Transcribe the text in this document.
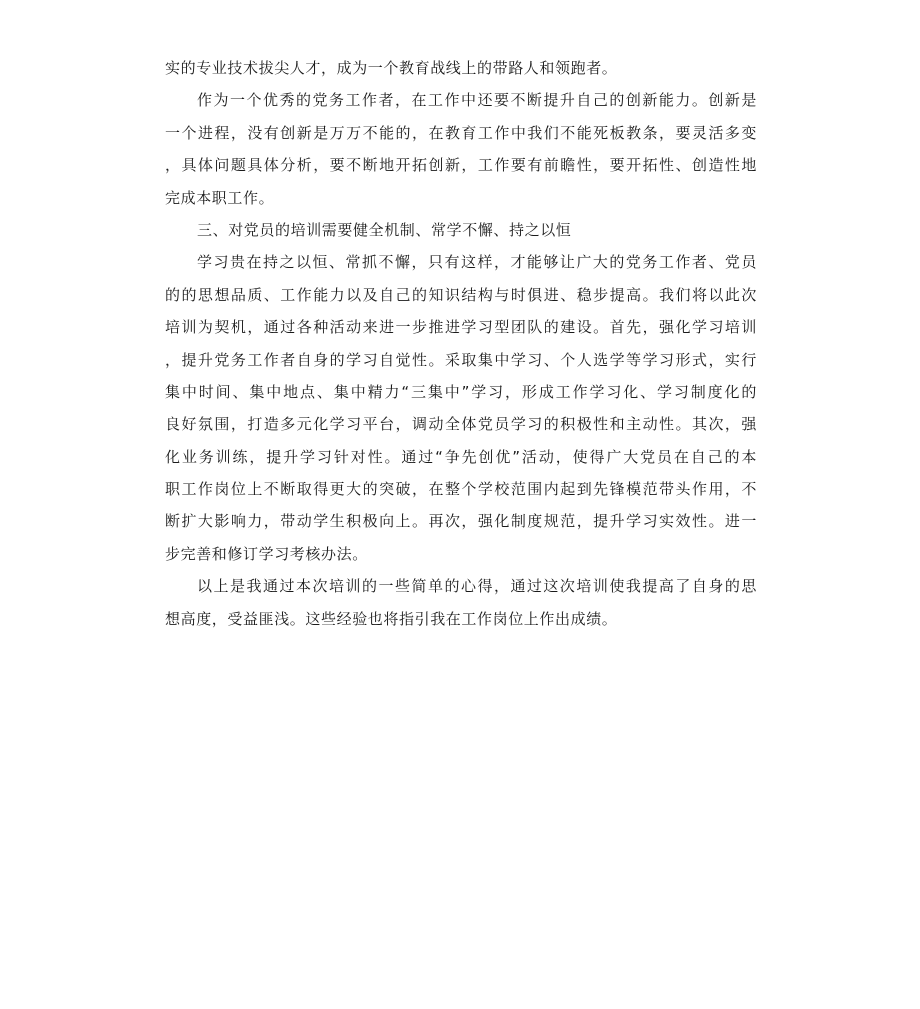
实的专业技术拔尖人才，成为一个教育战线上的带路人和领跑者。
作为一个优秀的党务工作者，在工作中还要不断提升自己的创新能力。创新是
一个进程，没有创新是万万不能的，在教育工作中我们不能死板教条，要灵活多变
，具体问题具体分析，要不断地开拓创新，工作要有前瞻性，要开拓性、创造性地
完成本职工作。
三、对党员的培训需要健全机制、常学不懈、持之以恒
学习贵在持之以恒、常抓不懈，只有这样，才能够让广大的党务工作者、党员
的的思想品质、工作能力以及自己的知识结构与时俱进、稳步提高。我们将以此次
培训为契机，通过各种活动来进一步推进学习型团队的建设。首先，强化学习培训
，提升党务工作者自身的学习自觉性。采取集中学习、个人选学等学习形式，实行
集中时间、集中地点、集中精力“三集中”学习，形成工作学习化、学习制度化的
良好氛围，打造多元化学习平台，调动全体党员学习的积极性和主动性。其次，强
化业务训练，提升学习针对性。通过“争先创优”活动，使得广大党员在自己的本
职工作岗位上不断取得更大的突破，在整个学校范围内起到先锋模范带头作用，不
断扩大影响力，带动学生积极向上。再次，强化制度规范，提升学习实效性。进一
步完善和修订学习考核办法。
以上是我通过本次培训的一些简单的心得，通过这次培训使我提高了自身的思
想高度，受益匪浅。这些经验也将指引我在工作岗位上作出成绩。
